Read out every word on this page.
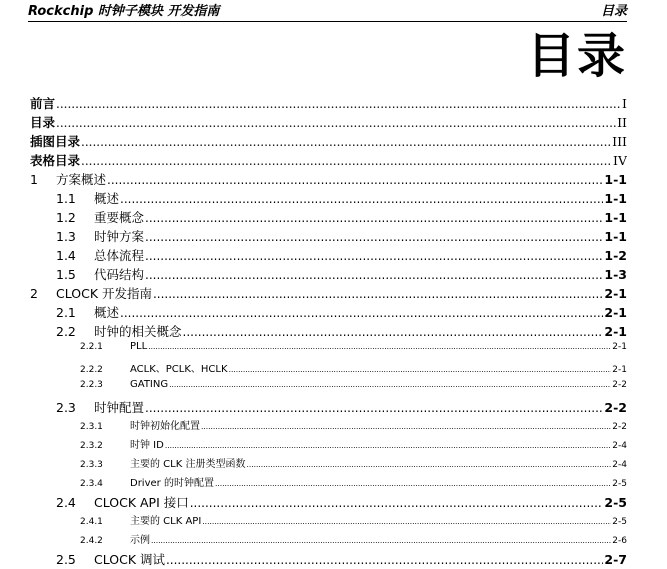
Rockchip 时钟子模块 开发指南	目录
目录
前言 .....	I
目录 .....	II
插图目录 .....	III
表格目录 .....	IV
1	方案概述 .....	1-1
1.1	概述 .....	1-1
1.2	重要概念 .....	1-1
1.3	时钟方案 .....	1-1
1.4	总体流程 .....	1-2
1.5	代码结构 .....	1-3
2	CLOCK 开发指南 .....	2-1
2.1	概述 .....	2-1
2.2	时钟的相关概念 .....	2-1
2.2.1	PLL .....	2-1
2.2.2	ACLK、PCLK、HCLK .....	2-1
2.2.3	GATING .....	2-2
2.3	时钟配置 .....	2-2
2.3.1	时钟初始化配置 .....	2-2
2.3.2	时钟 ID .....	2-4
2.3.3	主要的 CLK 注册类型函数 .....	2-4
2.3.4	Driver 的时钟配置 .....	2-5
2.4	CLOCK API 接口 .....	2-5
2.4.1	主要的 CLK API .....	2-5
2.4.2	示例 .....	2-6
2.5	CLOCK 调试 .....	2-7
